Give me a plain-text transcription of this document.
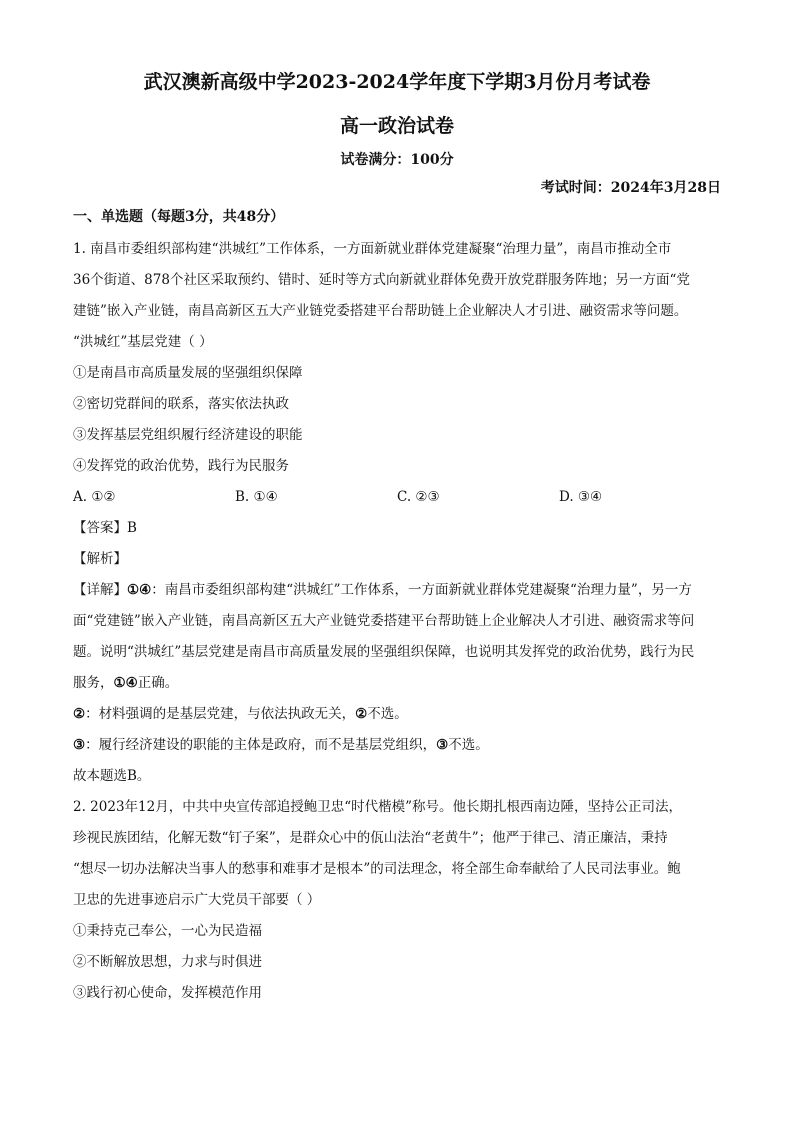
武汉澳新高级中学2023-2024学年度下学期3月份月考试卷
高一政治试卷
试卷满分：100分
考试时间：2024年3月28日
一、单选题（每题3分，共48分）
1. 南昌市委组织部构建“洪城红”工作体系，一方面新就业群体党建凝聚“治理力量”，南昌市推动全市
36个街道、878个社区采取预约、错时、延时等方式向新就业群体免费开放党群服务阵地；另一方面“党
建链”嵌入产业链，南昌高新区五大产业链党委搭建平台帮助链上企业解决人才引进、融资需求等问题。
“洪城红”基层党建（ ）
①是南昌市高质量发展的坚强组织保障
②密切党群间的联系，落实依法执政
③发挥基层党组织履行经济建设的职能
④发挥党的政治优势，践行为民服务
A. ①②	B. ①④	C. ②③	D. ③④
【答案】B
【解析】
【详解】①④：南昌市委组织部构建“洪城红”工作体系，一方面新就业群体党建凝聚“治理力量”，另一方
面“党建链”嵌入产业链，南昌高新区五大产业链党委搭建平台帮助链上企业解决人才引进、融资需求等问
题。说明“洪城红”基层党建是南昌市高质量发展的坚强组织保障，也说明其发挥党的政治优势，践行为民
服务，①④正确。
②：材料强调的是基层党建，与依法执政无关，②不选。
③：履行经济建设的职能的主体是政府，而不是基层党组织，③不选。
故本题选B。
2. 2023年12月，中共中央宣传部追授鲍卫忠“时代楷模”称号。他长期扎根西南边陲，坚持公正司法，
珍视民族团结，化解无数“钉子案”，是群众心中的佤山法治“老黄牛”；他严于律己、清正廉洁，秉持
“想尽一切办法解决当事人的愁事和难事才是根本”的司法理念，将全部生命奉献给了人民司法事业。鲍
卫忠的先进事迹启示广大党员干部要（ ）
①秉持克己奉公，一心为民造福
②不断解放思想，力求与时俱进
③践行初心使命，发挥模范作用
